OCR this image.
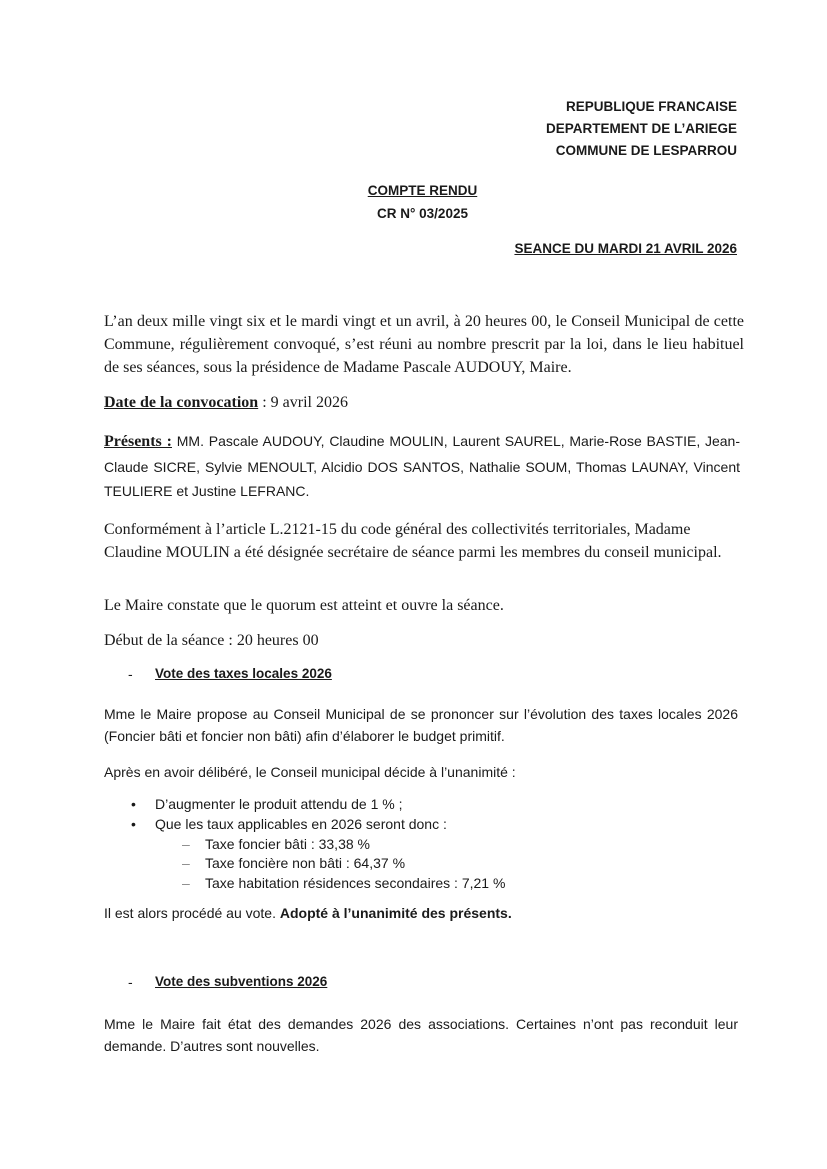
REPUBLIQUE FRANCAISE
DEPARTEMENT DE L’ARIEGE
COMMUNE DE LESPARROU
COMPTE RENDU
CR N° 03/2025
SEANCE DU MARDI 21 AVRIL 2026
L’an deux mille vingt six et le mardi vingt et un avril, à 20 heures 00, le Conseil Municipal de cette Commune, régulièrement convoqué, s’est réuni au nombre prescrit par la loi, dans le lieu habituel de ses séances, sous la présidence de Madame Pascale AUDOUY, Maire.
Date de la convocation : 9 avril 2026
Présents : MM. Pascale AUDOUY, Claudine MOULIN, Laurent SAUREL, Marie-Rose BASTIE, Jean-Claude SICRE, Sylvie MENOULT, Alcidio DOS SANTOS, Nathalie SOUM, Thomas LAUNAY, Vincent TEULIERE et Justine LEFRANC.
Conformément à l’article L.2121-15 du code général des collectivités territoriales, Madame Claudine MOULIN a été désignée secrétaire de séance parmi les membres du conseil municipal.
Le Maire constate que le quorum est atteint et ouvre la séance.
Début de la séance : 20 heures 00
- Vote des taxes locales 2026
Mme le Maire propose au Conseil Municipal de se prononcer sur l’évolution des taxes locales 2026 (Foncier bâti et foncier non bâti) afin d’élaborer le budget primitif.
Après en avoir délibéré, le Conseil municipal décide à l’unanimité :
• D’augmenter le produit attendu de 1 % ;
• Que les taux applicables en 2026 seront donc :
– Taxe foncier bâti : 33,38 %
– Taxe foncière non bâti : 64,37 %
– Taxe habitation résidences secondaires : 7,21 %
Il est alors procédé au vote. Adopté à l’unanimité des présents.
- Vote des subventions 2026
Mme le Maire fait état des demandes 2026 des associations. Certaines n’ont pas reconduit leur demande. D’autres sont nouvelles.
